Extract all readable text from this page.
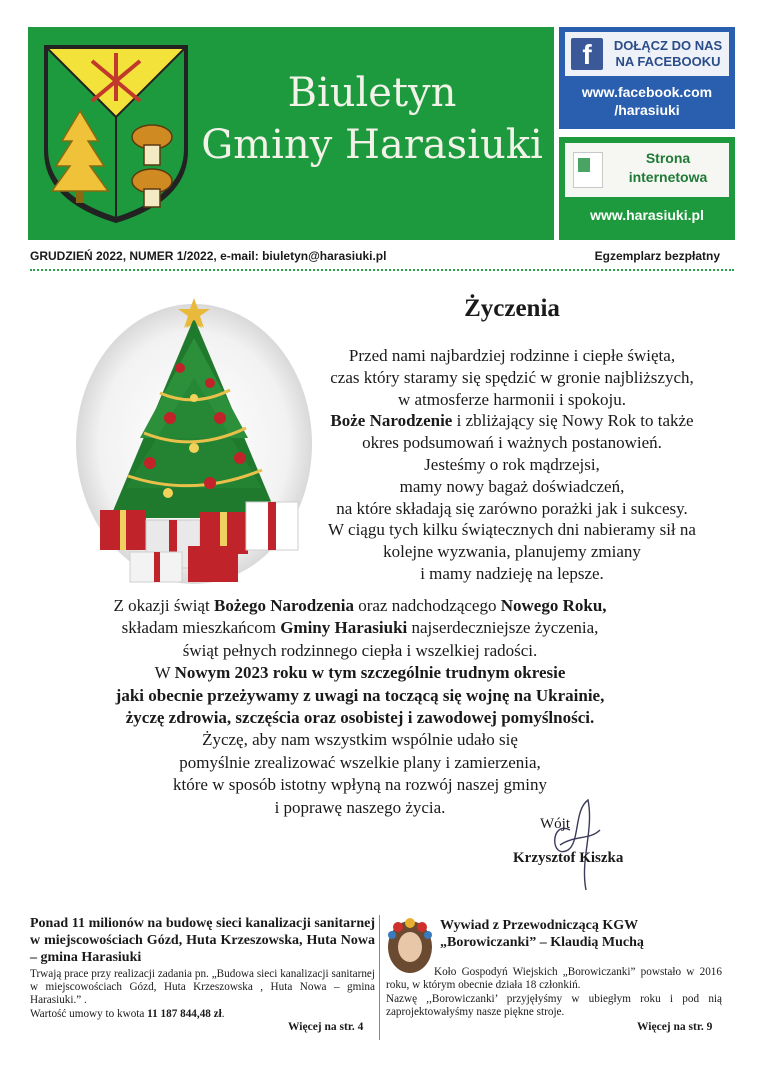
Biuletyn
Gminy Harasiuki
f	DOŁĄCZ DO NAS
NA FACEBOOKU
www.facebook.com
/harasiuki
Strona
internetowa
www.harasiuki.pl
GRUDZIEŃ 2022, NUMER 1/2022, e-mail: biuletyn@harasiuki.pl	Egzemplarz bezpłatny
Życzenia
Przed nami najbardziej rodzinne i ciepłe święta,
czas który staramy się spędzić w gronie najbliższych,
w atmosferze harmonii i spokoju.
Boże Narodzenie i zbliżający się Nowy Rok to także
okres podsumowań i ważnych postanowień.
Jesteśmy o rok mądrzejsi,
mamy nowy bagaż doświadczeń,
na które składają się zarówno porażki jak i sukcesy.
W ciągu tych kilku świątecznych dni nabieramy sił na
kolejne wyzwania, planujemy zmiany
i mamy nadzieję na lepsze.
Z okazji świąt Bożego Narodzenia oraz nadchodzącego Nowego Roku,
składam mieszkańcom Gminy Harasiuki najserdeczniejsze życzenia,
świąt pełnych rodzinnego ciepła i wszelkiej radości.
W Nowym 2023 roku w tym szczególnie trudnym okresie
jaki obecnie przeżywamy z uwagi na toczącą się wojnę na Ukrainie,
życzę zdrowia, szczęścia oraz osobistej i zawodowej pomyślności.
Życzę, aby nam wszystkim wspólnie udało się
pomyślnie zrealizować wszelkie plany i zamierzenia,
które w sposób istotny wpłyną na rozwój naszej gminy
i poprawę naszego życia.
Wójt
Krzysztof Kiszka
Ponad 11 milionów na budowę sieci kanalizacji sanitarnej w miejscowościach Gózd, Huta Krzeszowska, Huta Nowa – gmina Harasiuki
Trwają prace przy realizacji zadania pn. „Budowa sieci kanalizacji sanitarnej w miejscowościach Gózd, Huta Krzeszowska , Huta Nowa – gmina Harasiuki.” .
Wartość umowy to kwota 11 187 844,48 zł.
Więcej na str. 4
Wywiad z Przewodniczącą KGW
„Borowiczanki” – Klaudią Muchą
Koło Gospodyń Wiejskich „Borowiczanki” powstało w 2016 roku, w którym obecnie działa 18 członkiń.
Nazwę ,,Borowiczanki’ przyjęłyśmy w ubiegłym roku i pod nią zaprojektowałyśmy nasze piękne stroje.
Więcej na str. 9
